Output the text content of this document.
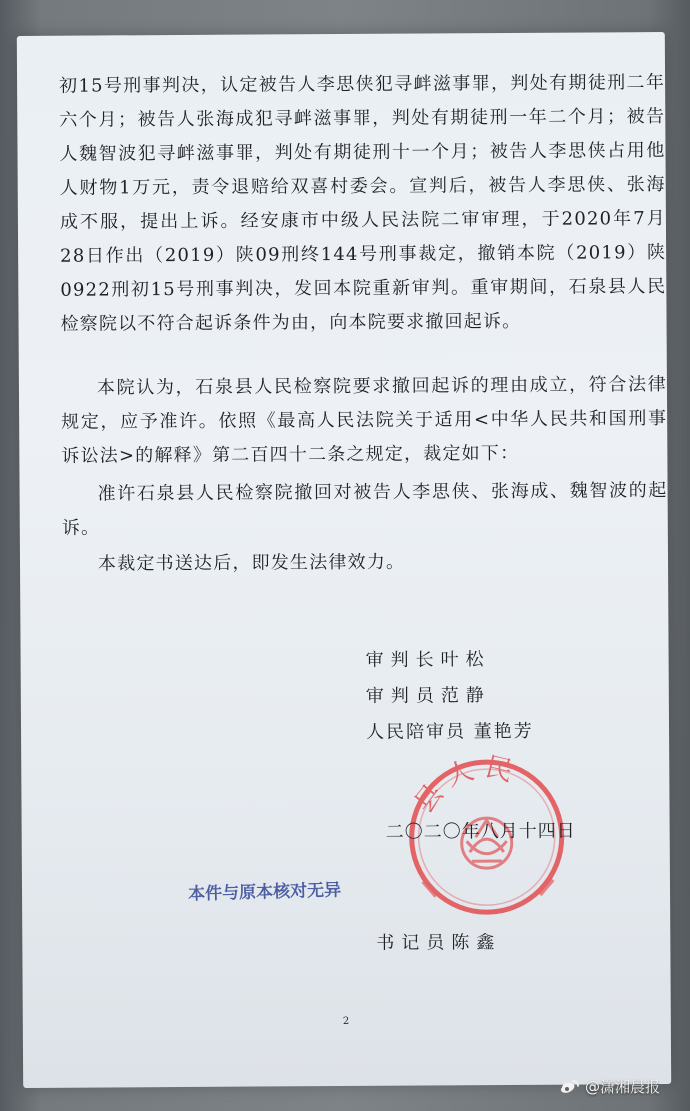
初15号刑事判决，认定被告人李思侠犯寻衅滋事罪，判处有期徒刑二年六个月；被告人张海成犯寻衅滋事罪，判处有期徒刑一年二个月；被告人魏智波犯寻衅滋事罪，判处有期徒刑十一个月；被告人李思侠占用他人财物1万元，责令退赔给双喜村委会。宣判后，被告人李思侠、张海成不服，提出上诉。经安康市中级人民法院二审审理，于2020年7月28日作出（2019）陕09刑终144号刑事裁定，撤销本院（2019）陕0922刑初15号刑事判决，发回本院重新审判。重审期间，石泉县人民检察院以不符合起诉条件为由，向本院要求撤回起诉。

本院认为，石泉县人民检察院要求撤回起诉的理由成立，符合法律规定，应予准许。依照《最高人民法院关于适用<中华人民共和国刑事诉讼法>的解释》第二百四十二条之规定，裁定如下：

准许石泉县人民检察院撤回对被告人李思侠、张海成、魏智波的起诉。

本裁定书送达后，即发生法律效力。

审判长叶松
审判员范静
人民陪审员 董艳芳
县人民
二〇二〇年八月十四日
本件与原本核对无异
书记员陈鑫
2
@潇湘晨报
